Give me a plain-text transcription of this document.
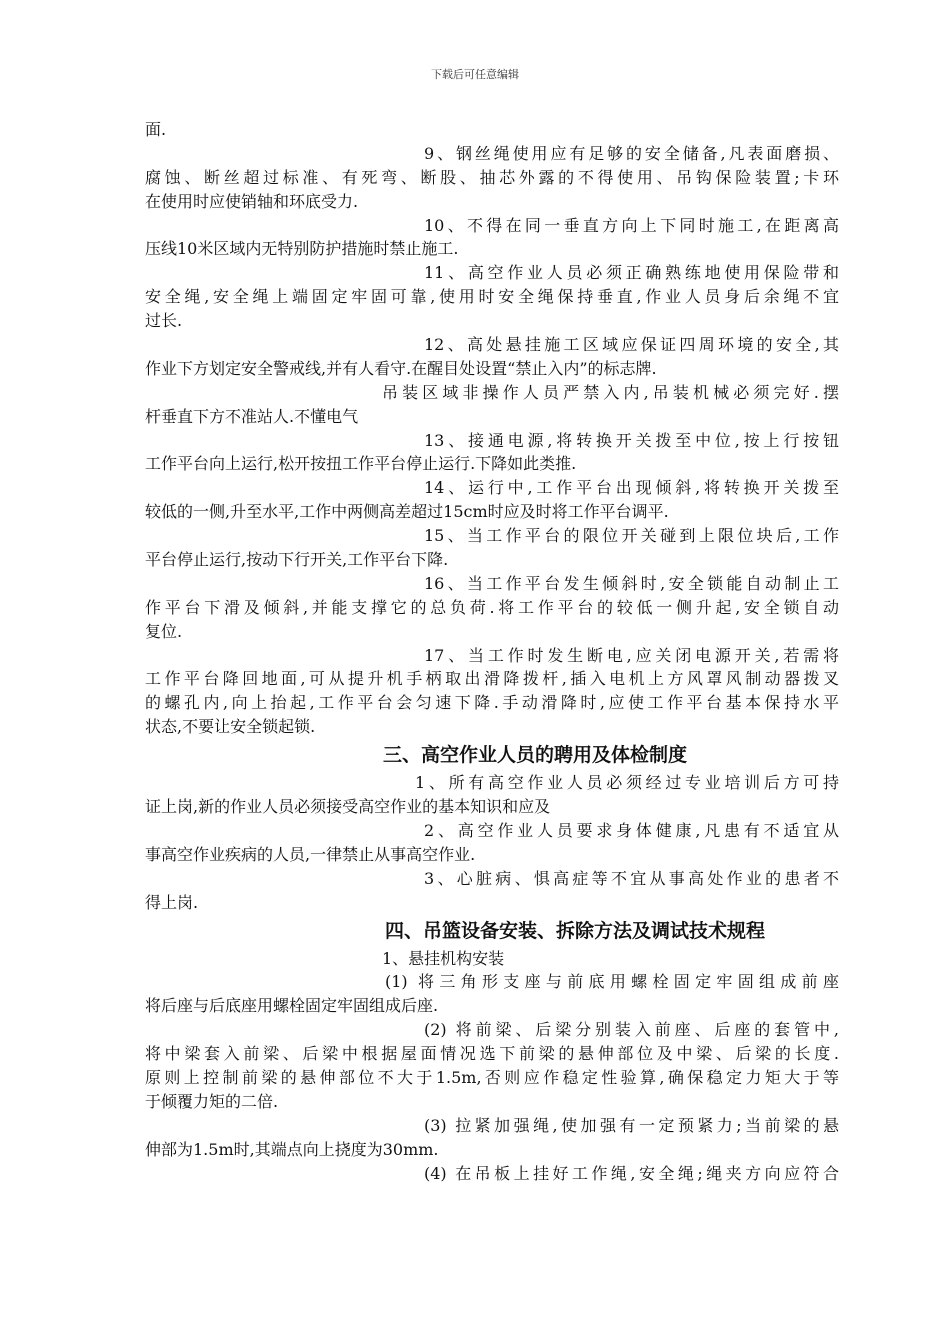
下载后可任意编辑
面.
9、钢丝绳使用应有足够的安全储备,凡表面磨损、
腐蚀、断丝超过标准、有死弯、断股、抽芯外露的不得使用、吊钩保险装置;卡环
在使用时应使销轴和环底受力.
10、不得在同一垂直方向上下同时施工,在距离高
压线10米区域内无特别防护措施时禁止施工.
11、高空作业人员必须正确熟练地使用保险带和
安全绳,安全绳上端固定牢固可靠,使用时安全绳保持垂直,作业人员身后余绳不宜
过长.
12、高处悬挂施工区域应保证四周环境的安全,其
作业下方划定安全警戒线,并有人看守.在醒目处设置“禁止入内”的标志牌.
吊装区域非操作人员严禁入内,吊装机械必须完好.摆
杆垂直下方不准站人.不懂电气
13、接通电源,将转换开关拨至中位,按上行按钮
工作平台向上运行,松开按扭工作平台停止运行.下降如此类推.
14、运行中,工作平台出现倾斜,将转换开关拨至
较低的一侧,升至水平,工作中两侧高差超过15cm时应及时将工作平台调平.
15、当工作平台的限位开关碰到上限位块后,工作
平台停止运行,按动下行开关,工作平台下降.
16、当工作平台发生倾斜时,安全锁能自动制止工
作平台下滑及倾斜,并能支撑它的总负荷.将工作平台的较低一侧升起,安全锁自动
复位.
17、当工作时发生断电,应关闭电源开关,若需将
工作平台降回地面,可从提升机手柄取出滑降拨杆,插入电机上方风罩风制动器拨叉
的螺孔内,向上抬起,工作平台会匀速下降.手动滑降时,应使工作平台基本保持水平
状态,不要让安全锁起锁.
三、高空作业人员的聘用及体检制度
1、所有高空作业人员必须经过专业培训后方可持
证上岗,新的作业人员必须接受高空作业的基本知识和应及
2、高空作业人员要求身体健康,凡患有不适宜从
事高空作业疾病的人员,一律禁止从事高空作业.
3、心脏病、惧高症等不宜从事高处作业的患者不
得上岗.
四、吊篮设备安装、拆除方法及调试技术规程
1、悬挂机构安装
(1) 将三角形支座与前底用螺栓固定牢固组成前座
将后座与后底座用螺栓固定牢固组成后座.
(2) 将前梁、后梁分别装入前座、后座的套管中,
将中梁套入前梁、后梁中根据屋面情况选下前梁的悬伸部位及中梁、后梁的长度.
原则上控制前梁的悬伸部位不大于1.5m,否则应作稳定性验算,确保稳定力矩大于等
于倾覆力矩的二倍.
(3) 拉紧加强绳,使加强有一定预紧力;当前梁的悬
伸部为1.5m时,其端点向上挠度为30mm.
(4) 在吊板上挂好工作绳,安全绳;绳夹方向应符合
